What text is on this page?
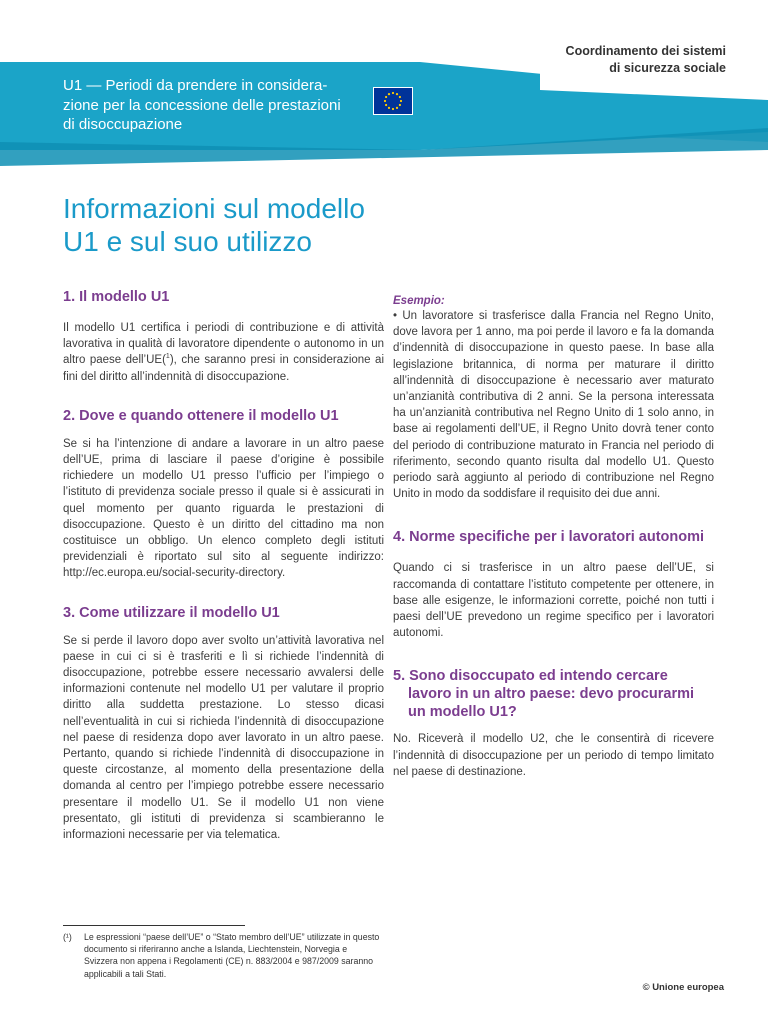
Coordinamento dei sistemi
di sicurezza sociale
U1 — Periodi da prendere in considera-
zione per la concessione delle prestazioni
di disoccupazione
Informazioni sul modello
U1 e sul suo utilizzo
1. Il modello U1

Il modello U1 certifica i periodi di contribuzione e di attività lavorativa in qualità di lavoratore dipendente o autonomo in un altro paese dell’UE($^1$), che saranno presi in considerazione ai fini del diritto all’indennità di disoccupazione.

2. Dove e quando ottenere il modello U1

Se si ha l’intenzione di andare a lavorare in un altro paese dell’UE, prima di lasciare il paese d’origine è possibile richiedere un modello U1 presso l’ufficio per l’impiego o l’istituto di previdenza sociale presso il quale si è assicurati in quel momento per quanto riguarda le prestazioni di disoccupazione. Questo è un diritto del cittadino ma non costituisce un obbligo. Un elenco completo degli istituti previdenziali è riportato sul sito al seguente indirizzo: http://ec.europa.eu/social-security-directory.

3. Come utilizzare il modello U1

Se si perde il lavoro dopo aver svolto un’attività lavorativa nel paese in cui ci si è trasferiti e lì si richiede l’indennità di disoccupazione, potrebbe essere necessario avvalersi delle informazioni contenute nel modello U1 per valutare il proprio diritto alla suddetta prestazione. Lo stesso dicasi nell’eventualità in cui si richieda l’indennità di disoccupazione nel paese di residenza dopo aver lavorato in un altro paese. Pertanto, quando si richiede l’indennità di disoccupazione in queste circostanze, al momento della presentazione della domanda al centro per l’impiego potrebbe essere necessario presentare il modello U1. Se il modello U1 non viene presentato, gli istituti di previdenza si scambieranno le informazioni necessarie per via telematica.

Esempio:

• Un lavoratore si trasferisce dalla Francia nel Regno Unito, dove lavora per 1 anno, ma poi perde il lavoro e fa la domanda d’indennità di disoccupazione in questo paese. In base alla legislazione britannica, di norma per maturare il diritto all’indennità di disoccupazione è necessario aver maturato un’anzianità contributiva di 2 anni. Se la persona interessata ha un’anzianità contributiva nel Regno Unito di 1 solo anno, in base ai regolamenti dell’UE, il Regno Unito dovrà tener conto del periodo di contribuzione maturato in Francia nel periodo di riferimento, secondo quanto risulta dal modello U1. Questo periodo sarà aggiunto al periodo di contribuzione nel Regno Unito in modo da soddisfare il requisito dei due anni.

4. Norme specifiche per i lavoratori autonomi

Quando ci si trasferisce in un altro paese dell’UE, si raccomanda di contattare l’istituto competente per ottenere, in base alle esigenze, le informazioni corrette, poiché non tutti i paesi dell’UE prevedono un regime specifico per i lavoratori autonomi.

5. Sono disoccupato ed intendo cercare lavoro in un altro paese: devo procurarmi un modello U1?

No. Riceverà il modello U2, che le consentirà di ricevere l’indennità di disoccupazione per un periodo di tempo limitato nel paese di destinazione.

(¹) Le espressioni “paese dell’UE” o “Stato membro dell’UE” utilizzate in questo documento si riferiranno anche a Islanda, Liechtenstein, Norvegia e Svizzera non appena i Regolamenti (CE) n. 883/2004 e 987/2009 saranno applicabili a tali Stati.
© Unione europea
